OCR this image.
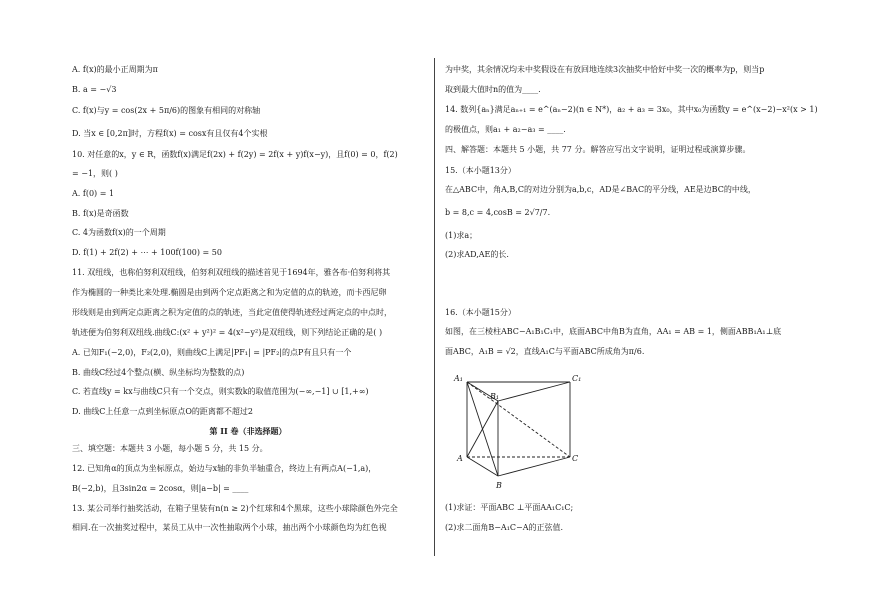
A. f(x)的最小正周期为π
B. a = −√3
C. f(x)与y = cos(2x + 5π/6)的图象有相同的对称轴
D. 当x ∈ [0,2π]时，方程f(x) = cosx有且仅有4个实根
10. 对任意的x，y ∈ R，函数f(x)满足f(2x) + f(2y) = 2f(x + y)f(x−y)，且f(0) = 0，f(2)
= −1，则( )
A. f(0) = 1
B. f(x)是奇函数
C. 4为函数f(x)的一个周期
D. f(1) + 2f(2) + ⋯ + 100f(100) = 50
11. 双纽线，也称伯努利双纽线，伯努利双纽线的描述首见于1694年，雅各布·伯努利将其
作为椭圆的一种类比来处理.椭圆是由到两个定点距离之和为定值的点的轨迹，而卡西尼卵
形线则是由到两定点距离之积为定值的点的轨迹，当此定值使得轨迹经过两定点的中点时，
轨迹便为伯努利双纽线.曲线C:(x² + y²)² = 4(x²−y²)是双纽线，则下列结论正确的是( )
A. 已知F₁(−2,0)，F₂(2,0)，则曲线C上满足|PF₁| = |PF₂|的点P有且只有一个
B. 曲线C经过4个整点(横、纵坐标均为整数的点)
C. 若直线y = kx与曲线C只有一个交点，则实数k的取值范围为(−∞,−1] ∪ [1,+∞)
D. 曲线C上任意一点到坐标原点O的距离都不超过2
第 II 卷（非选择题）
三、填空题：本题共 3 小题，每小题 5 分，共 15 分。
12. 已知角α的顶点为坐标原点，始边与x轴的非负半轴重合，终边上有两点A(−1,a)，
B(−2,b)，且3sin2α = 2cosα，则|a−b| = ____
13. 某公司举行抽奖活动，在箱子里装有n(n ≥ 2)个红球和4个黑球，这些小球除颜色外完全
相同.在一次抽奖过程中，某员工从中一次性抽取两个小球，抽出两个小球颜色均为红色视
为中奖，其余情况均未中奖假设在有放回地连续3次抽奖中恰好中奖一次的概率为p，则当p
取到最大值时n的值为____.
14. 数列{aₙ}满足aₙ₊₁ = e^(aₙ−2)(n ∈ N*)，a₂ + a₃ = 3x₀，其中x₀为函数y = e^(x−2)−x²(x > 1)
的极值点，则a₁ + a₂−a₃ = ____.
四、解答题：本题共 5 小题，共 77 分。解答应写出文字说明，证明过程或演算步骤。
15.（本小题13分）
在△ABC中，角A,B,C的对边分别为a,b,c，AD是∠BAC的平分线，AE是边BC的中线，
b = 8,c = 4,cosB = 2√7/7.
(1)求a；
(2)求AD,AE的长.
16.（本小题15分）
如图，在三棱柱ABC−A₁B₁C₁中，底面ABC中角B为直角，AA₁ = AB = 1，侧面ABB₁A₁⊥底
面ABC，A₁B = √2，直线A₁C与平面ABC所成角为π/6.
A₁
B₁
C₁
A
B
C
(1)求证：平面ABC ⊥平面AA₁C₁C;
(2)求二面角B−A₁C−A的正弦值.
